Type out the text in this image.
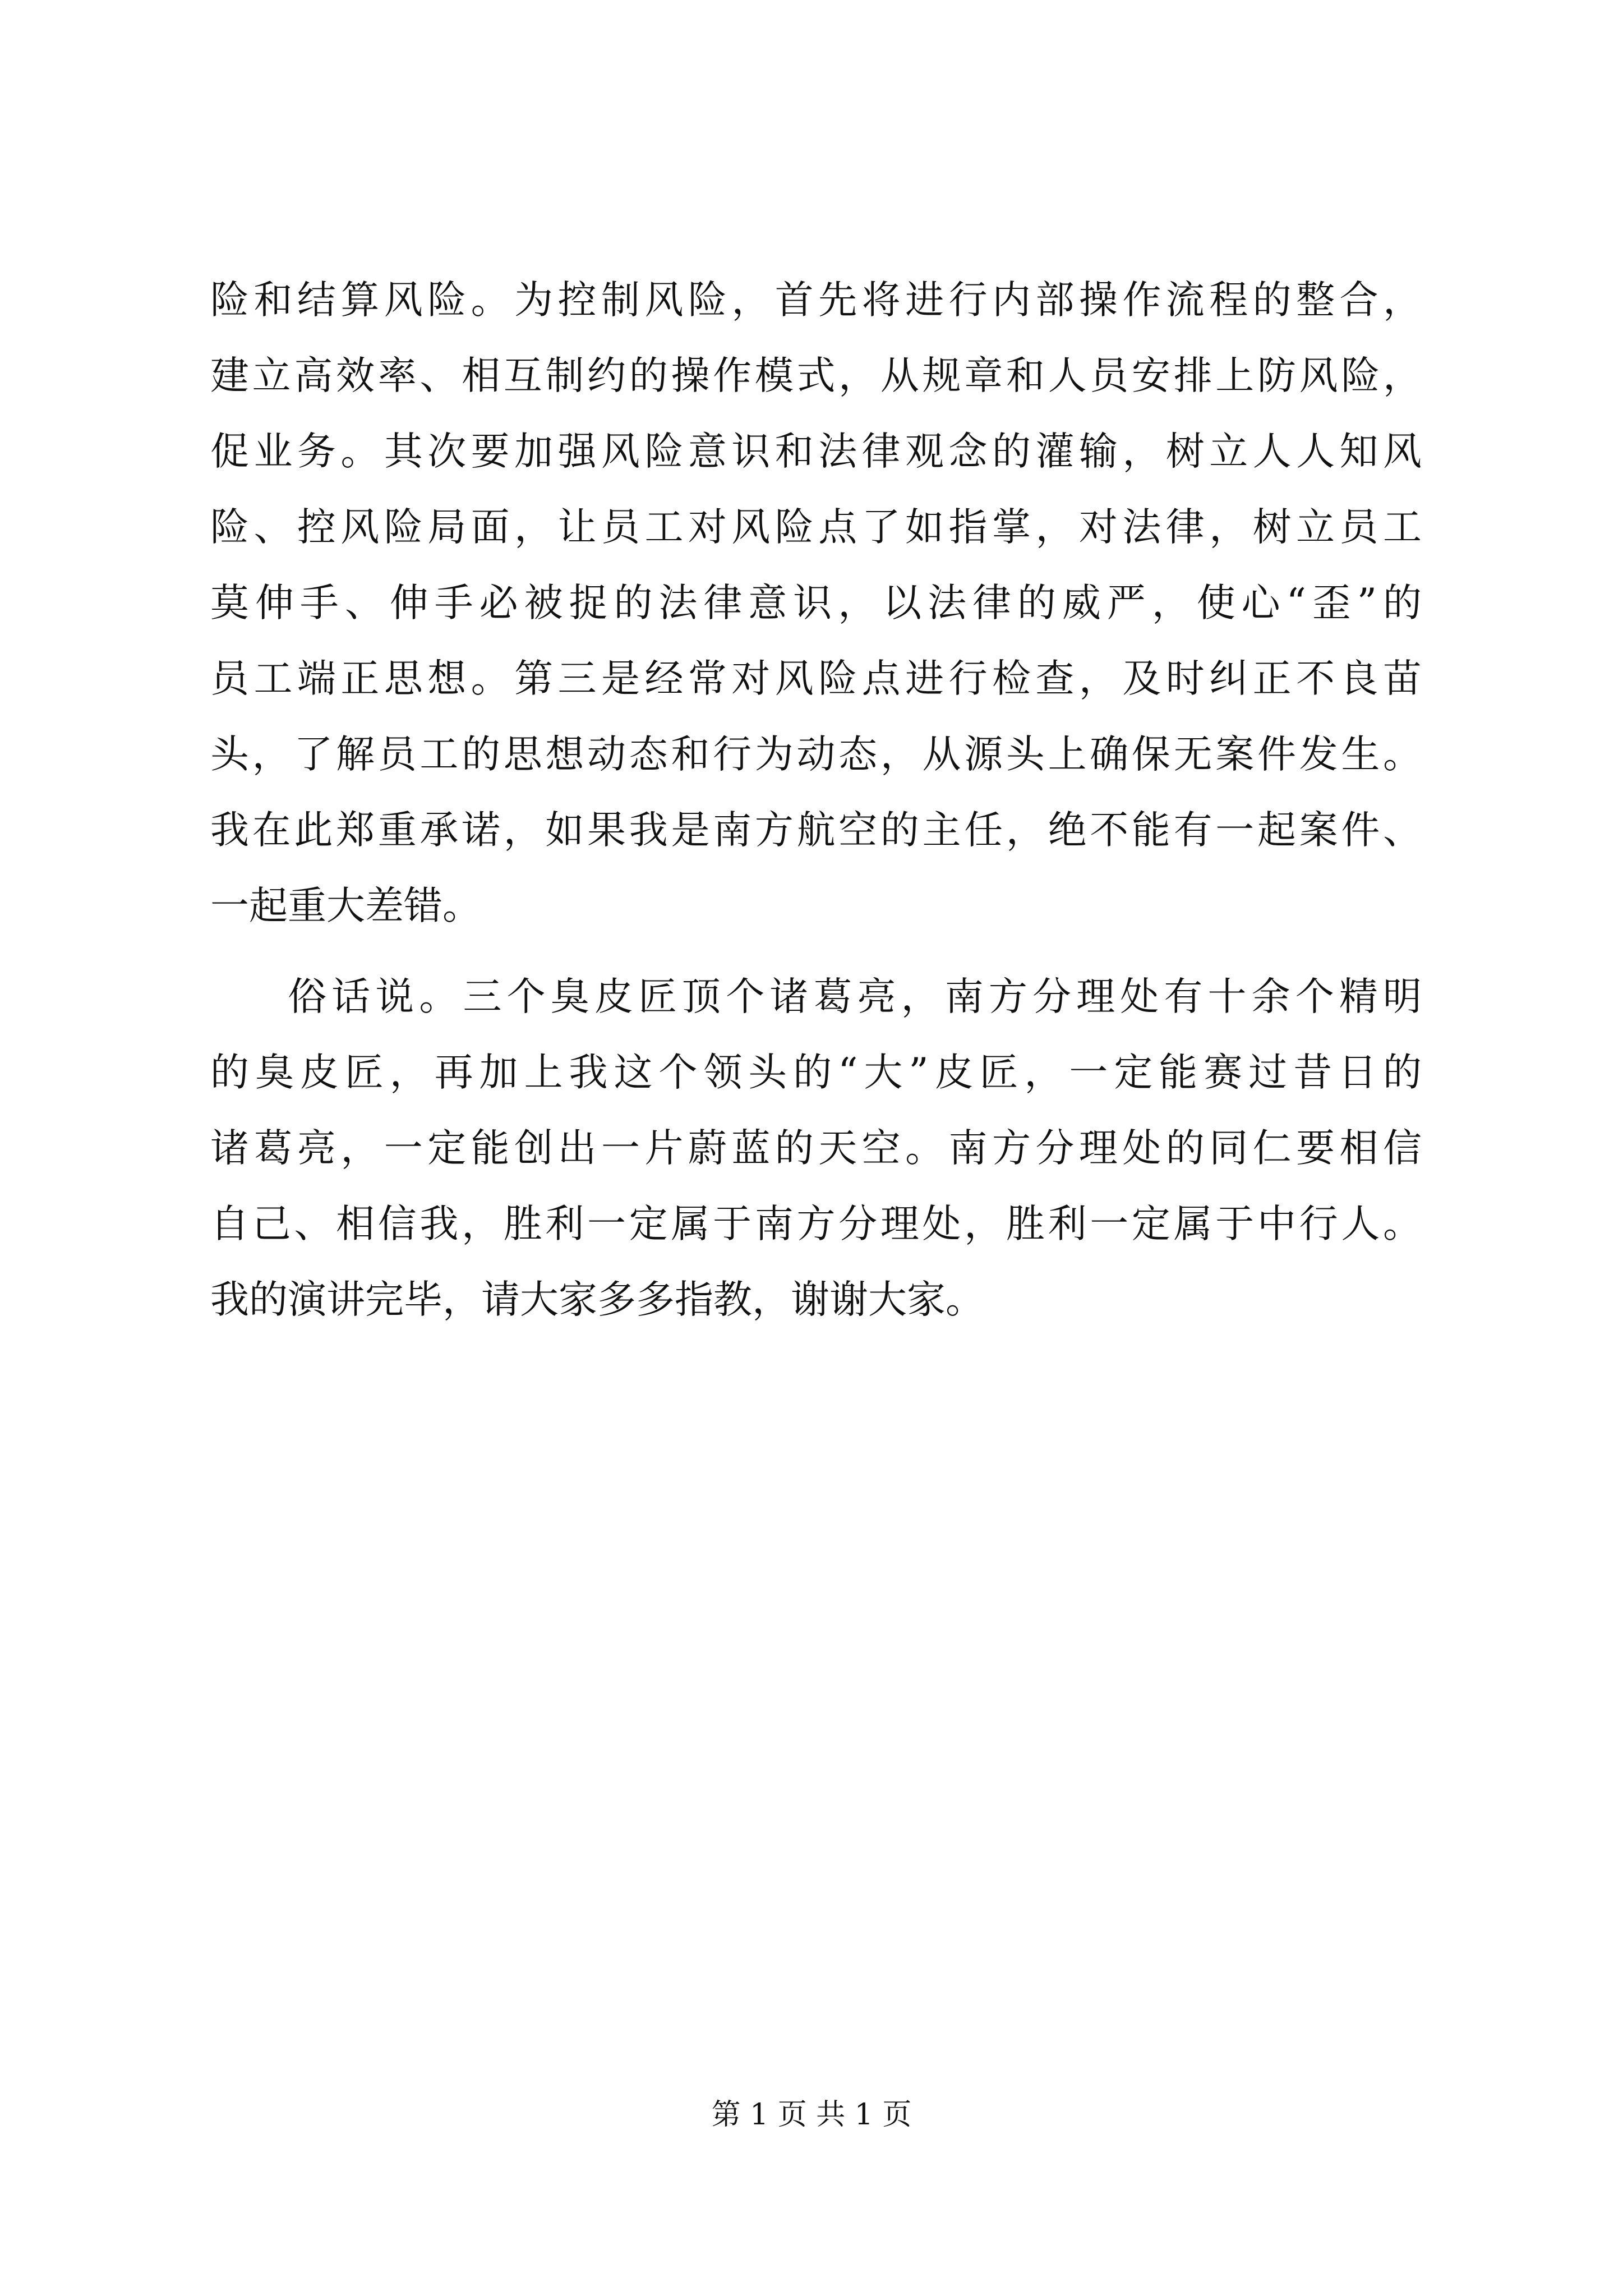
险和结算风险。为控制风险，首先将进行内部操作流程的整合，
建立高效率、相互制约的操作模式，从规章和人员安排上防风险，
促业务。其次要加强风险意识和法律观念的灌输，树立人人知风
险、控风险局面，让员工对风险点了如指掌，对法律，树立员工
莫伸手、伸手必被捉的法律意识，以法律的威严，使心“歪”的
员工端正思想。第三是经常对风险点进行检查，及时纠正不良苗
头，了解员工的思想动态和行为动态，从源头上确保无案件发生。
我在此郑重承诺，如果我是南方航空的主任，绝不能有一起案件、
一起重大差错。
俗话说。三个臭皮匠顶个诸葛亮，南方分理处有十余个精明
的臭皮匠，再加上我这个领头的“大”皮匠，一定能赛过昔日的
诸葛亮，一定能创出一片蔚蓝的天空。南方分理处的同仁要相信
自己、相信我，胜利一定属于南方分理处，胜利一定属于中行人。
我的演讲完毕，请大家多多指教，谢谢大家。
第 1 页 共 1 页
